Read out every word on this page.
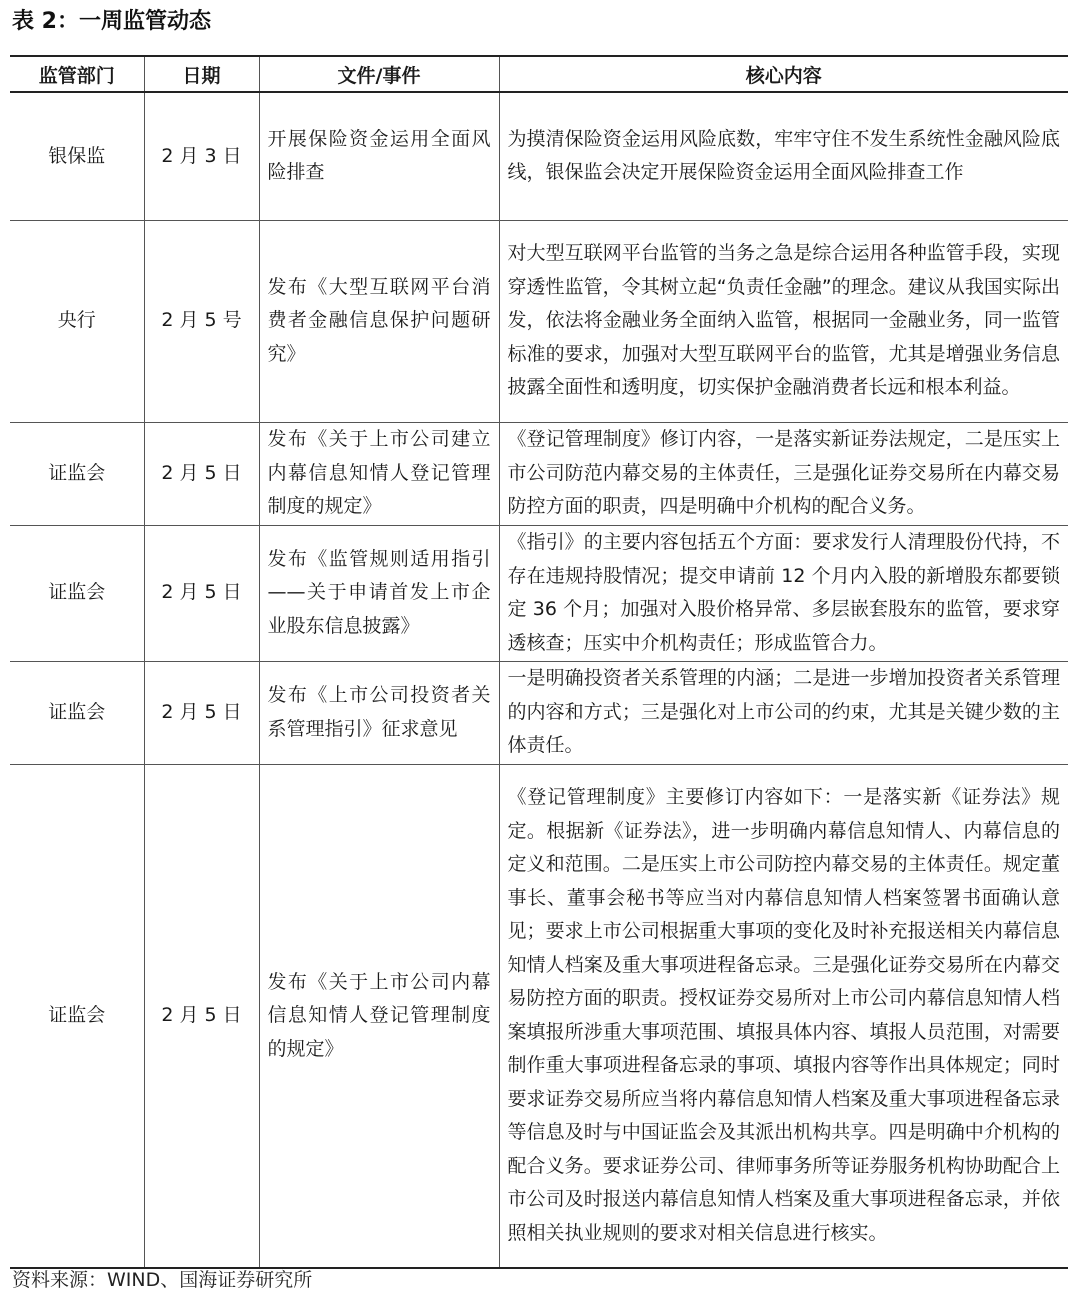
表 2：一周监管动态
监管部门	日期	文件/事件	核心内容
银保监	2 月 3 日	开展保险资金运用全面风险排查	为摸清保险资金运用风险底数，牢牢守住不发生系统性金融风险底线，银保监会决定开展保险资金运用全面风险排查工作
央行	2 月 5 号	发布《大型互联网平台消费者金融信息保护问题研究》	对大型互联网平台监管的当务之急是综合运用各种监管手段，实现穿透性监管，令其树立起“负责任金融”的理念。建议从我国实际出发，依法将金融业务全面纳入监管，根据同一金融业务，同一监管标准的要求，加强对大型互联网平台的监管，尤其是增强业务信息披露全面性和透明度，切实保护金融消费者长远和根本利益。
证监会	2 月 5 日	发布《关于上市公司建立内幕信息知情人登记管理制度的规定》	《登记管理制度》修订内容，一是落实新证券法规定，二是压实上市公司防范内幕交易的主体责任，三是强化证券交易所在内幕交易防控方面的职责，四是明确中介机构的配合义务。
证监会	2 月 5 日	发布《监管规则适用指引——关于申请首发上市企业股东信息披露》	《指引》的主要内容包括五个方面：要求发行人清理股份代持，不存在违规持股情况；提交申请前 12 个月内入股的新增股东都要锁定 36 个月；加强对入股价格异常、多层嵌套股东的监管，要求穿透核查；压实中介机构责任；形成监管合力。
证监会	2 月 5 日	发布《上市公司投资者关系管理指引》征求意见	一是明确投资者关系管理的内涵；二是进一步增加投资者关系管理的内容和方式；三是强化对上市公司的约束，尤其是关键少数的主体责任。
证监会	2 月 5 日	发布《关于上市公司内幕信息知情人登记管理制度的规定》	《登记管理制度》主要修订内容如下：一是落实新《证券法》规定。根据新《证券法》，进一步明确内幕信息知情人、内幕信息的定义和范围。二是压实上市公司防控内幕交易的主体责任。规定董事长、董事会秘书等应当对内幕信息知情人档案签署书面确认意见；要求上市公司根据重大事项的变化及时补充报送相关内幕信息知情人档案及重大事项进程备忘录。三是强化证券交易所在内幕交易防控方面的职责。授权证券交易所对上市公司内幕信息知情人档案填报所涉重大事项范围、填报具体内容、填报人员范围，对需要制作重大事项进程备忘录的事项、填报内容等作出具体规定；同时要求证券交易所应当将内幕信息知情人档案及重大事项进程备忘录等信息及时与中国证监会及其派出机构共享。四是明确中介机构的配合义务。要求证券公司、律师事务所等证券服务机构协助配合上市公司及时报送内幕信息知情人档案及重大事项进程备忘录，并依照相关执业规则的要求对相关信息进行核实。
资料来源：WIND、国海证券研究所
